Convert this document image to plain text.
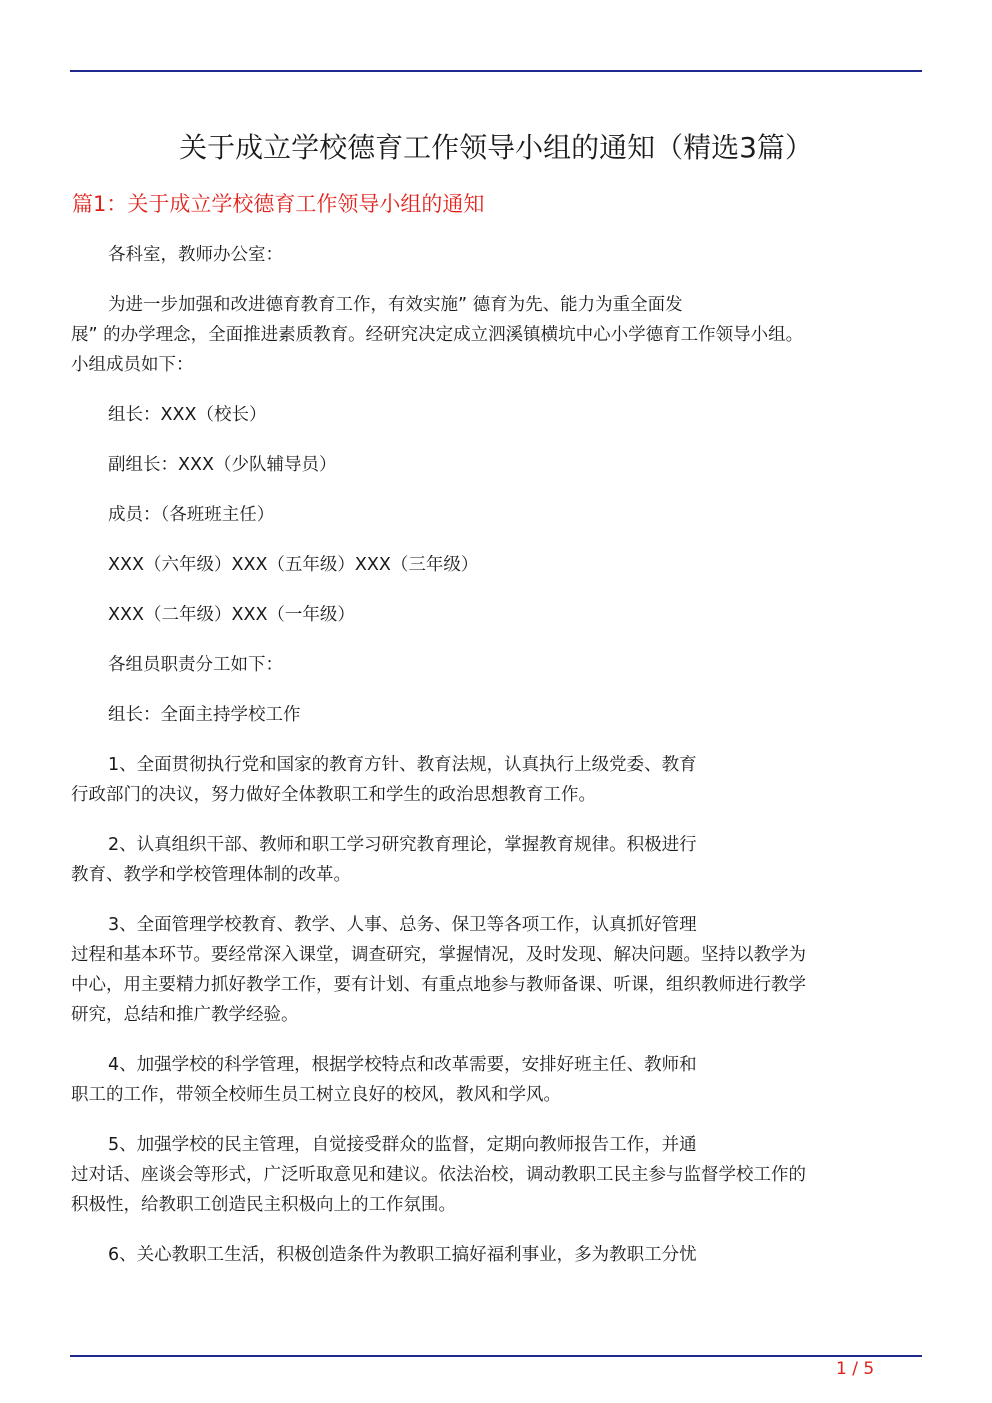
关于成立学校德育工作领导小组的通知（精选3篇）
篇1：关于成立学校德育工作领导小组的通知

各科室，教师办公室：

为进一步加强和改进德育教育工作，有效实施” 德育为先、能力为重全面发
展” 的办学理念，全面推进素质教育。经研究决定成立泗溪镇横坑中心小学德育工作领导小组。
小组成员如下：

组长：XXX（校长）

副组长：XXX（少队辅导员）

成员：（各班班主任）

XXX（六年级）XXX（五年级）XXX（三年级）

XXX（二年级）XXX（一年级）

各组员职责分工如下：

组长：全面主持学校工作

1、全面贯彻执行党和国家的教育方针、教育法规，认真执行上级党委、教育
行政部门的决议，努力做好全体教职工和学生的政治思想教育工作。

2、认真组织干部、教师和职工学习研究教育理论，掌握教育规律。积极进行
教育、教学和学校管理体制的改革。

3、全面管理学校教育、教学、人事、总务、保卫等各项工作，认真抓好管理
过程和基本环节。要经常深入课堂，调查研究，掌握情况，及时发现、解决问题。坚持以教学为
中心，用主要精力抓好教学工作，要有计划、有重点地参与教师备课、听课，组织教师进行教学
研究，总结和推广教学经验。

4、加强学校的科学管理，根据学校特点和改革需要，安排好班主任、教师和
职工的工作，带领全校师生员工树立良好的校风，教风和学风。

5、加强学校的民主管理，自觉接受群众的监督，定期向教师报告工作，并通
过对话、座谈会等形式，广泛听取意见和建议。依法治校，调动教职工民主参与监督学校工作的
积极性，给教职工创造民主积极向上的工作氛围。

6、关心教职工生活，积极创造条件为教职工搞好福利事业，多为教职工分忧

1 / 5
